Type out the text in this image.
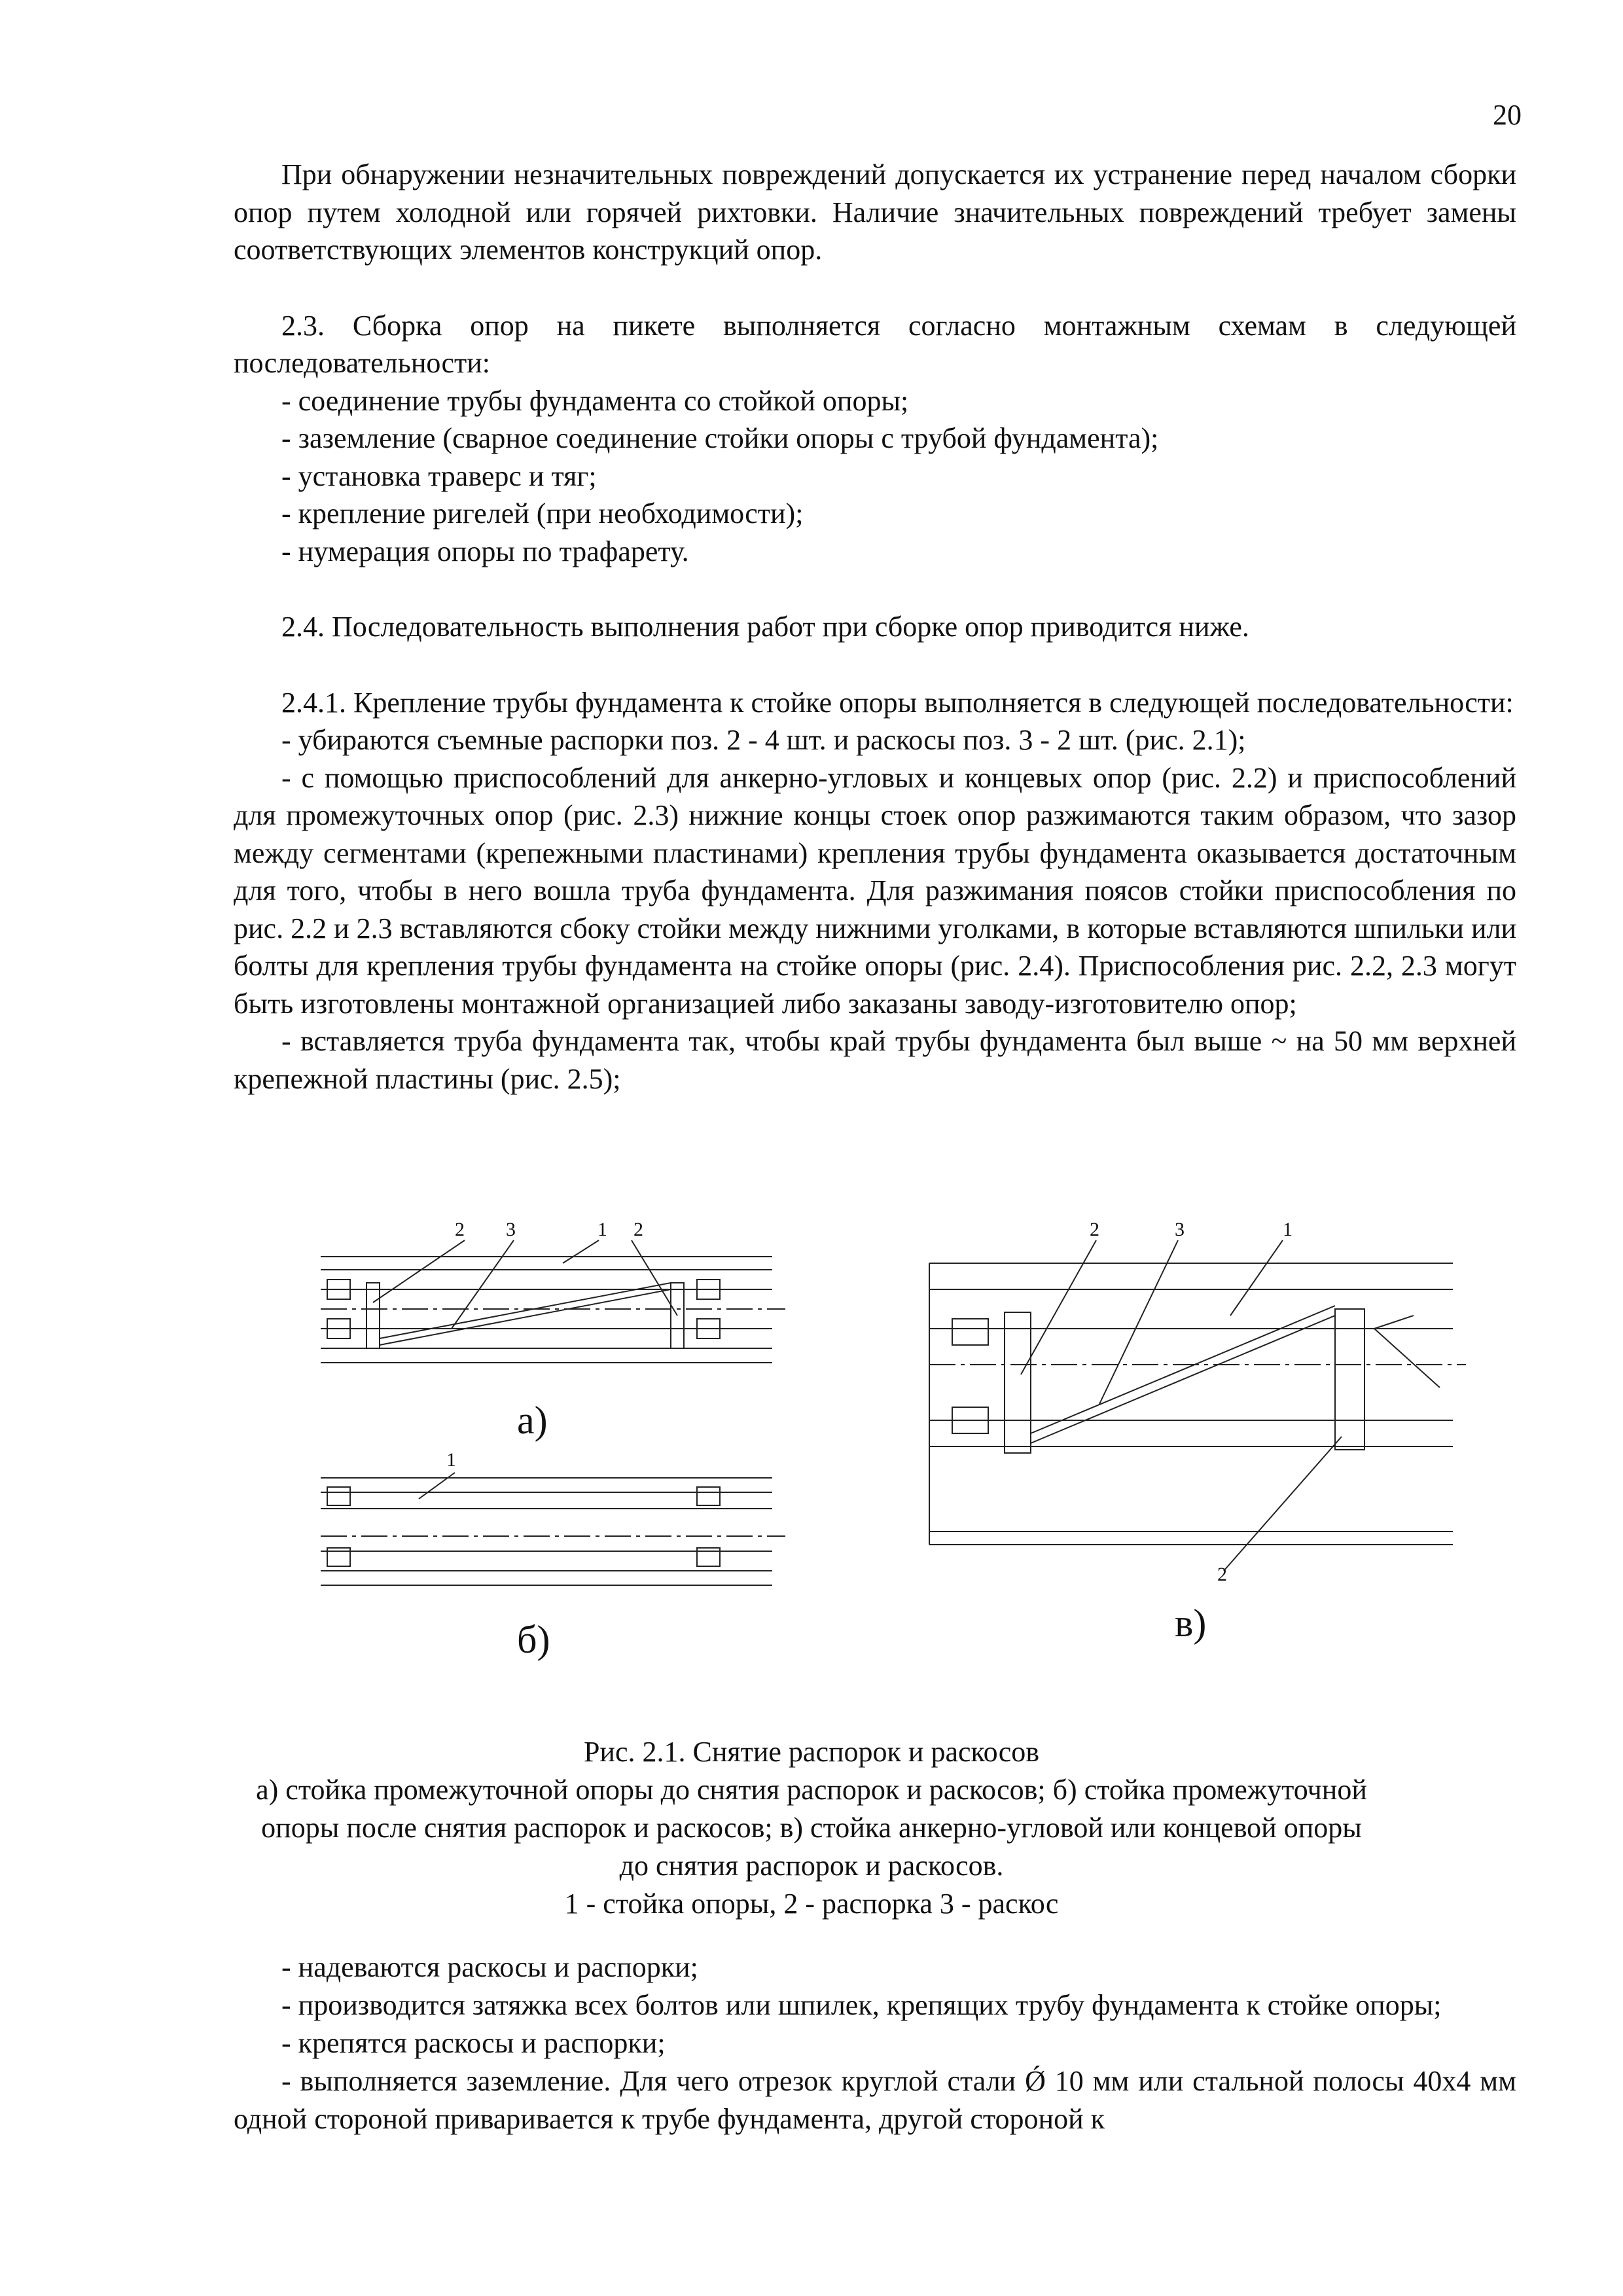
20

При обнаружении незначительных повреждений допускается их устранение перед началом сборки опор путем холодной или горячей рихтовки. Наличие значительных повреждений требует замены соответствующих элементов конструкций опор.

2.3. Сборка опор на пикете выполняется согласно монтажным схемам в следующей последовательности:

- соединение трубы фундамента со стойкой опоры;

- заземление (сварное соединение стойки опоры с трубой фундамента);

- установка траверс и тяг;

- крепление ригелей (при необходимости);

- нумерация опоры по трафарету.

2.4. Последовательность выполнения работ при сборке опор приводится ниже.

2.4.1. Крепление трубы фундамента к стойке опоры выполняется в следующей последовательности:

- убираются съемные распорки поз. 2 - 4 шт. и раскосы поз. 3 - 2 шт. (рис. 2.1);

- с помощью приспособлений для анкерно-угловых и концевых опор (рис. 2.2) и приспособлений для промежуточных опор (рис. 2.3) нижние концы стоек опор разжимаются таким образом, что зазор между сегментами (крепежными пластинами) крепления трубы фундамента оказывается достаточным для того, чтобы в него вошла труба фундамента. Для разжимания поясов стойки приспособления по рис. 2.2 и 2.3 вставляются сбоку стойки между нижними уголками, в которые вставляются шпильки или болты для крепления трубы фундамента на стойке опоры (рис. 2.4). Приспособления рис. 2.2, 2.3 могут быть изготовлены монтажной организацией либо заказаны заводу-изготовителю опор;

- вставляется труба фундамента так, чтобы край трубы фундамента был выше ~ на 50 мм верхней крепежной пластины (рис. 2.5);

2 3	1 2
а)
1
б)
2	3	1
2
в)

Рис. 2.1. Снятие распорок и раскосов

а) стойка промежуточной опоры до снятия распорок и раскосов; б) стойка промежуточной

опоры после снятия распорок и раскосов; в) стойка анкерно-угловой или концевой опоры

до снятия распорок и раскосов.

1 - стойка опоры, 2 - распорка 3 - раскос

- надеваются раскосы и распорки;

- производится затяжка всех болтов или шпилек, крепящих трубу фундамента к стойке опоры;

- крепятся раскосы и распорки;

- выполняется заземление. Для чего отрезок круглой стали Ǿ 10 мм или стальной полосы 40х4 мм одной стороной приваривается к трубе фундамента, другой стороной к
